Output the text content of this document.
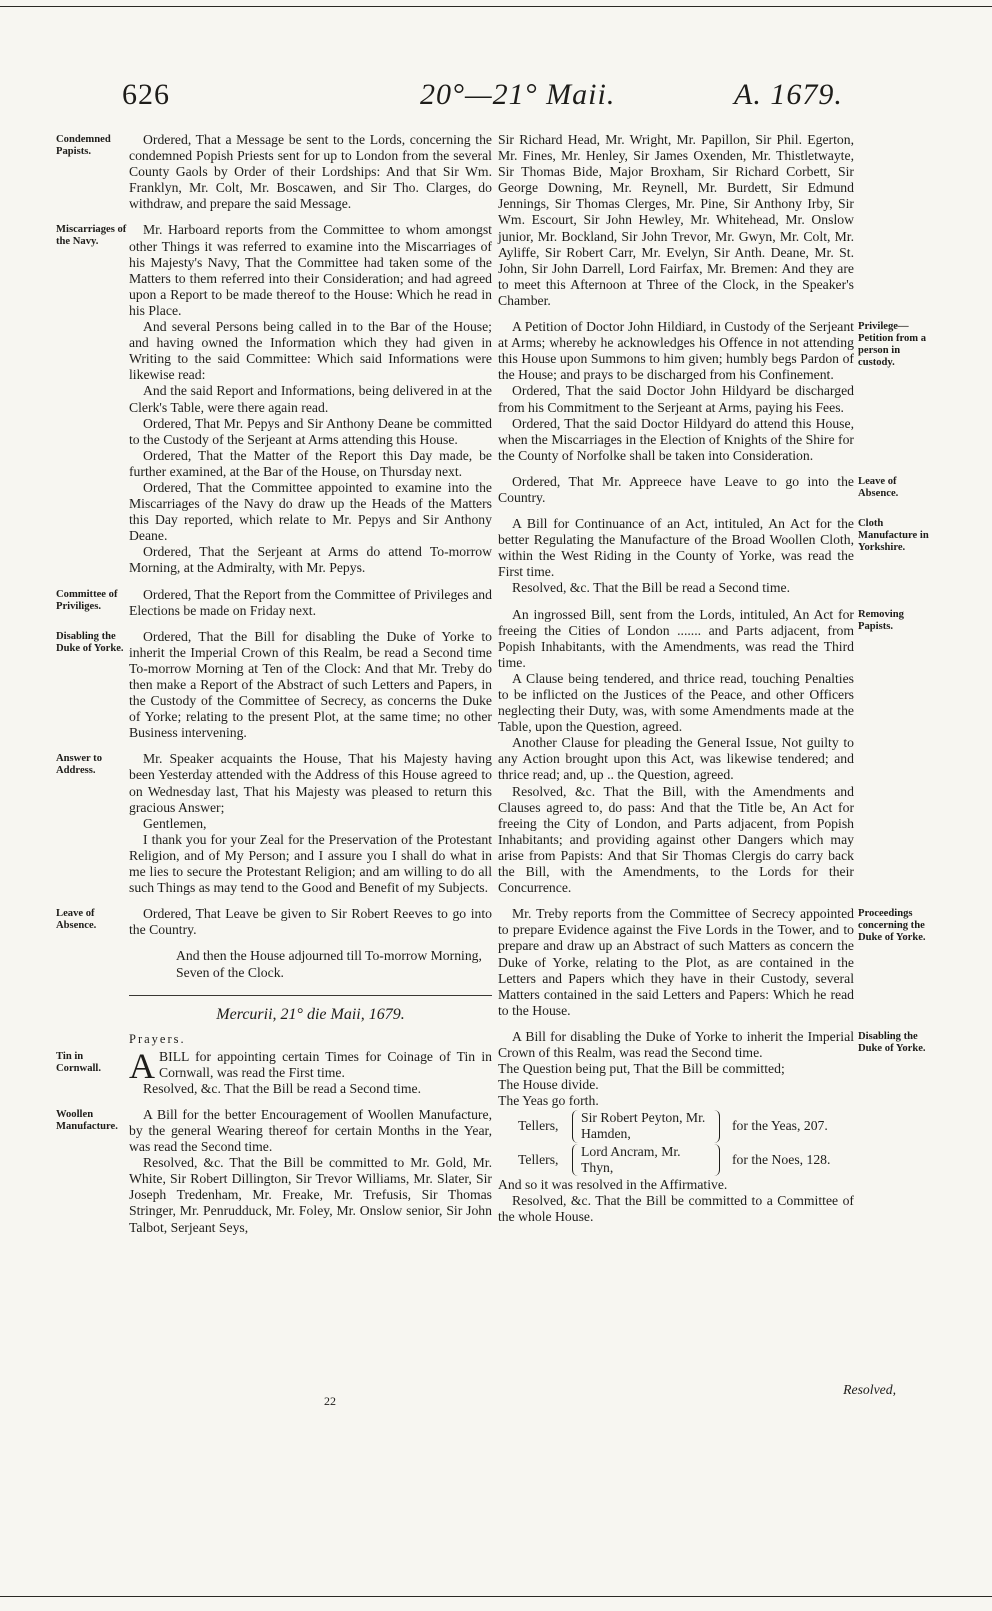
626	20°—21° Maii.	A. 1679.
Condemned Papists.

Ordered, That a Message be sent to the Lords, concerning the condemned Popish Priests sent for up to London from the several County Gaols by Order of their Lordships: And that Sir Wm. Franklyn, Mr. Colt, Mr. Boscawen, and Sir Tho. Clarges, do withdraw, and prepare the said Message.

Miscarriages of the Navy.

Mr. Harboard reports from the Committee to whom amongst other Things it was referred to examine into the Miscarriages of his Majesty's Navy, That the Committee had taken some of the Matters to them referred into their Consideration; and had agreed upon a Report to be made thereof to the House: Which he read in his Place.

And several Persons being called in to the Bar of the House; and having owned the Information which they had given in Writing to the said Committee: Which said Informations were likewise read:

And the said Report and Informations, being delivered in at the Clerk's Table, were there again read.

Ordered, That Mr. Pepys and Sir Anthony Deane be committed to the Custody of the Serjeant at Arms attending this House.

Ordered, That the Matter of the Report this Day made, be further examined, at the Bar of the House, on Thursday next.

Ordered, That the Committee appointed to examine into the Miscarriages of the Navy do draw up the Heads of the Matters this Day reported, which relate to Mr. Pepys and Sir Anthony Deane.

Ordered, That the Serjeant at Arms do attend To-morrow Morning, at the Admiralty, with Mr. Pepys.

Committee of Priviliges.

Ordered, That the Report from the Committee of Privileges and Elections be made on Friday next.

Disabling the Duke of Yorke.

Ordered, That the Bill for disabling the Duke of Yorke to inherit the Imperial Crown of this Realm, be read a Second time To-morrow Morning at Ten of the Clock: And that Mr. Treby do then make a Report of the Abstract of such Letters and Papers, in the Custody of the Committee of Secrecy, as concerns the Duke of Yorke; relating to the present Plot, at the same time; no other Business intervening.

Answer to Address.

Mr. Speaker acquaints the House, That his Majesty having been Yesterday attended with the Address of this House agreed to on Wednesday last, That his Majesty was pleased to return this gracious Answer;

Gentlemen,

I thank you for your Zeal for the Preservation of the Protestant Religion, and of My Person; and I assure you I shall do what in me lies to secure the Protestant Religion; and am willing to do all such Things as may tend to the Good and Benefit of my Subjects.

Leave of Absence.

Ordered, That Leave be given to Sir Robert Reeves to go into the Country.

And then the House adjourned till To-morrow Morning, Seven of the Clock.

Mercurii, 21° die Maii, 1679.
Prayers.
Tin in Cornwall. ABILL for appointing certain Times for Coinage of Tin in Cornwall, was read the First time.

Resolved, &c. That the Bill be read a Second time.

Woollen Manufacture.

A Bill for the better Encouragement of Woollen Manufacture, by the general Wearing thereof for certain Months in the Year, was read the Second time.

Resolved, &c. That the Bill be committed to Mr. Gold, Mr. White, Sir Robert Dillington, Sir Trevor Williams, Mr. Slater, Sir Joseph Tredenham, Mr. Freake, Mr. Trefusis, Sir Thomas Stringer, Mr. Penrudduck, Mr. Foley, Mr. Onslow senior, Sir John Talbot, Serjeant Seys,

22

Sir Richard Head, Mr. Wright, Mr. Papillon, Sir Phil. Egerton, Mr. Fines, Mr. Henley, Sir James Oxenden, Mr. Thistletwayte, Sir Thomas Bide, Major Broxham, Sir Richard Corbett, Sir George Downing, Mr. Reynell, Mr. Burdett, Sir Edmund Jennings, Sir Thomas Clerges, Mr. Pine, Sir Anthony Irby, Sir Wm. Escourt, Sir John Hewley, Mr. Whitehead, Mr. Onslow junior, Mr. Bockland, Sir John Trevor, Mr. Gwyn, Mr. Colt, Mr. Ayliffe, Sir Robert Carr, Mr. Evelyn, Sir Anth. Deane, Mr. St. John, Sir John Darrell, Lord Fairfax, Mr. Bremen: And they are to meet this Afternoon at Three of the Clock, in the Speaker's Chamber.

Privilege— Petition from a person in custody.

A Petition of Doctor John Hildiard, in Custody of the Serjeant at Arms; whereby he acknowledges his Offence in not attending this House upon Summons to him given; humbly begs Pardon of the House; and prays to be discharged from his Confinement.

Ordered, That the said Doctor John Hildyard be discharged from his Commitment to the Serjeant at Arms, paying his Fees.

Ordered, That the said Doctor Hildyard do attend this House, when the Miscarriages in the Election of Knights of the Shire for the County of Norfolke shall be taken into Consideration.

Leave of Absence.

Ordered, That Mr. Appreece have Leave to go into the Country.

Cloth Manufacture in Yorkshire.

A Bill for Continuance of an Act, intituled, An Act for the better Regulating the Manufacture of the Broad Woollen Cloth, within the West Riding in the County of Yorke, was read the First time.

Resolved, &c. That the Bill be read a Second time.

Removing Papists.

An ingrossed Bill, sent from the Lords, intituled, An Act for freeing the Cities of London ....... and Parts adjacent, from Popish Inhabitants, with the Amendments, was read the Third time.

A Clause being tendered, and thrice read, touching Penalties to be inflicted on the Justices of the Peace, and other Officers neglecting their Duty, was, with some Amendments made at the Table, upon the Question, agreed.

Another Clause for pleading the General Issue, Not guilty to any Action brought upon this Act, was likewise tendered; and thrice read; and, up .. the Question, agreed.

Resolved, &c. That the Bill, with the Amendments and Clauses agreed to, do pass: And that the Title be, An Act for freeing the City of London, and Parts adjacent, from Popish Inhabitants; and providing against other Dangers which may arise from Papists: And that Sir Thomas Clergis do carry back the Bill, with the Amendments, to the Lords for their Concurrence.

Proceedings concerning the Duke of Yorke.

Mr. Treby reports from the Committee of Secrecy appointed to prepare Evidence against the Five Lords in the Tower, and to prepare and draw up an Abstract of such Matters as concern the Duke of Yorke, relating to the Plot, as are contained in the Letters and Papers which they have in their Custody, several Matters contained in the said Letters and Papers: Which he read to the House.

Disabling the Duke of Yorke.

A Bill for disabling the Duke of Yorke to inherit the Imperial Crown of this Realm, was read the Second time.

The Question being put, That the Bill be committed;

The House divide.

The Yeas go forth.

Tellers,
Sir Robert Peyton, Mr. Hamden,
for the Yeas, 207.
Tellers,
Lord Ancram, Mr. Thyn,
for the Noes, 128.

And so it was resolved in the Affirmative.

Resolved, &c. That the Bill be committed to a Committee of the whole House.

Resolved,
